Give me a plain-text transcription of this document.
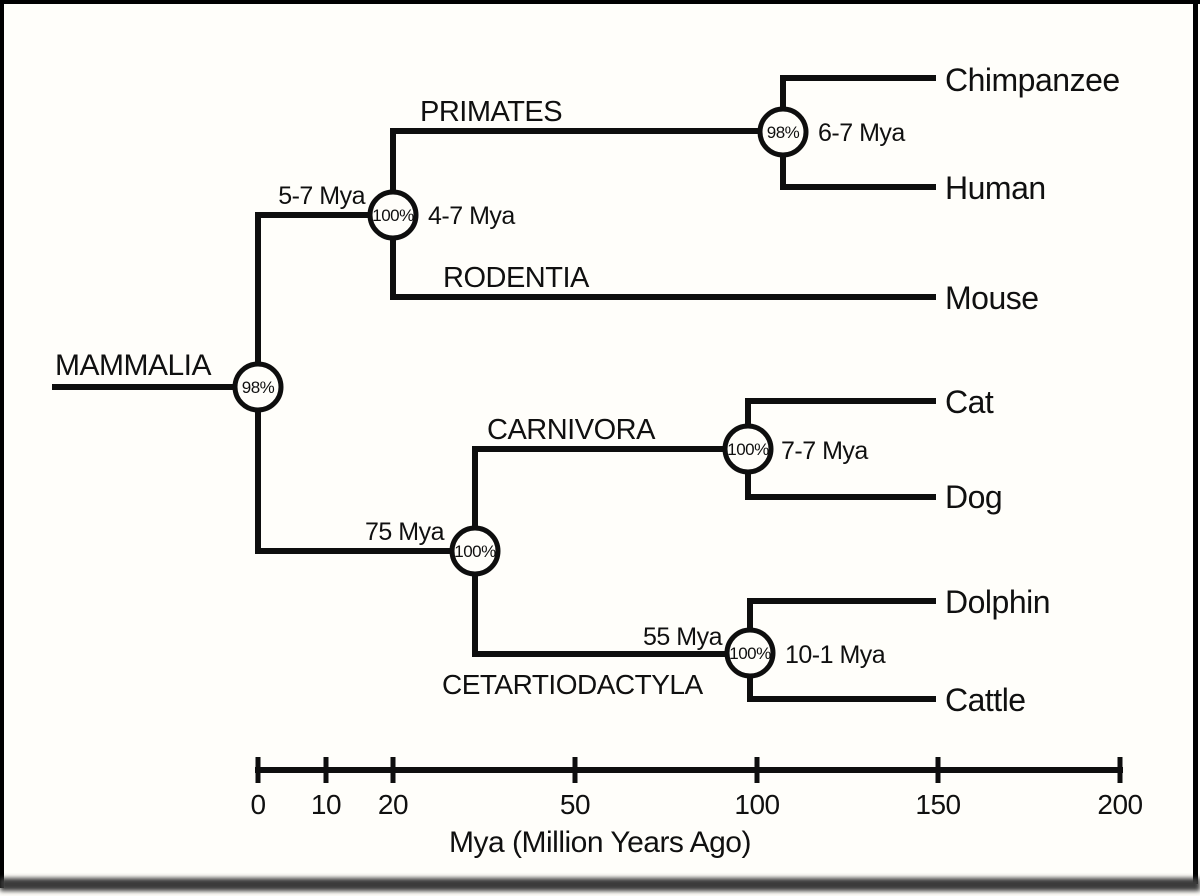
98%
100%
98%
100%
100%
100%
MAMMALIA
PRIMATES
RODENTIA
CARNIVORA
CETARTIODACTYLA
5-7 Mya
4-7 Mya
6-7 Mya
75 Mya
7-7 Mya
55 Mya
10-1 Mya
Chimpanzee
Human
Mouse
Cat
Dog
Dolphin
Cattle
0 10 20	50	100	150	200
Mya (Million Years Ago)
